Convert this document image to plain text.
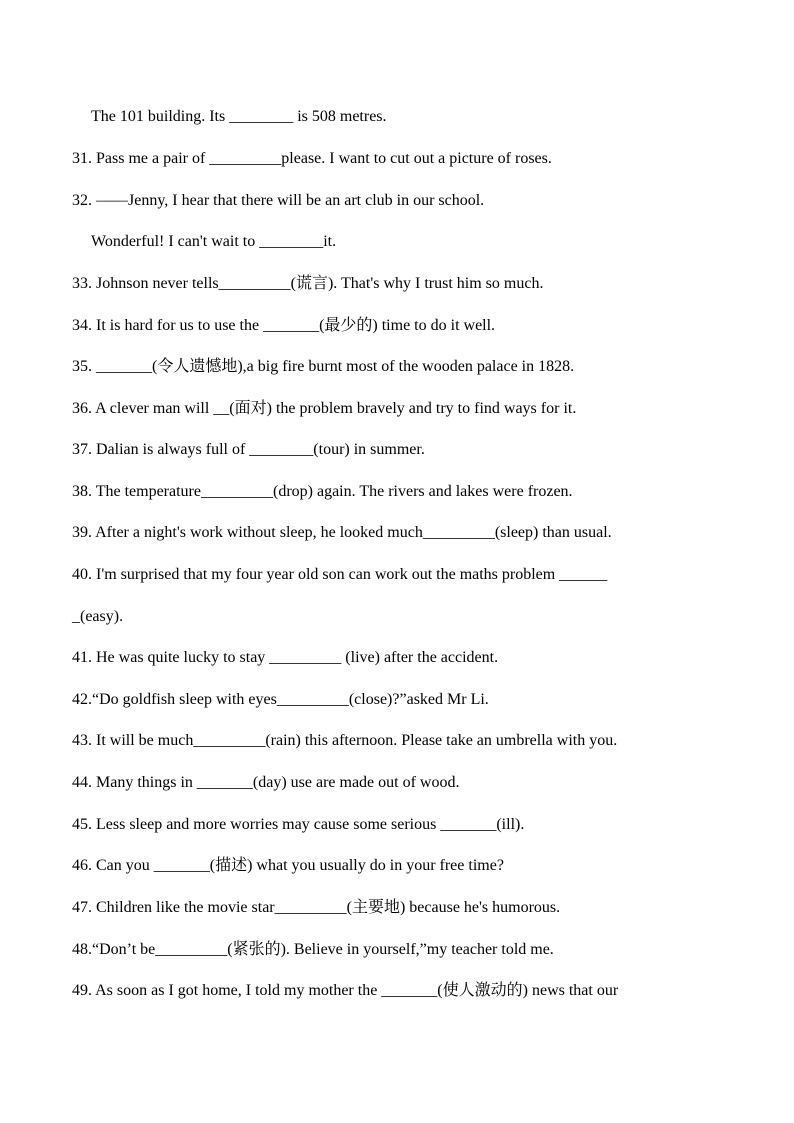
The 101 building. Its ________ is 508 metres.
31. Pass me a pair of _________please. I want to cut out a picture of roses.
32. ——Jenny, I hear that there will be an art club in our school.
Wonderful! I can't wait to ________it.
33. Johnson never tells_________(谎言). That's why I trust him so much.
34. It is hard for us to use the _______(最少的) time to do it well.
35. _______(令人遗憾地),a big fire burnt most of the wooden palace in 1828.
36. A clever man will __(面对) the problem bravely and try to find ways for it.
37. Dalian is always full of ________(tour) in summer.
38. The temperature_________(drop) again. The rivers and lakes were frozen.
39. After a night's work without sleep, he looked much_________(sleep) than usual.
40. I'm surprised that my four year old son can work out the maths problem ______
_(easy).
41. He was quite lucky to stay _________ (live) after the accident.
42.“Do goldfish sleep with eyes_________(close)?”asked Mr Li.
43. It will be much_________(rain) this afternoon. Please take an umbrella with you.
44. Many things in _______(day) use are made out of wood.
45. Less sleep and more worries may cause some serious _______(ill).
46. Can you _______(描述) what you usually do in your free time?
47. Children like the movie star_________(主要地) because he's humorous.
48.“Don’t be_________(紧张的). Believe in yourself,”my teacher told me.
49. As soon as I got home, I told my mother the _______(使人激动的) news that our
